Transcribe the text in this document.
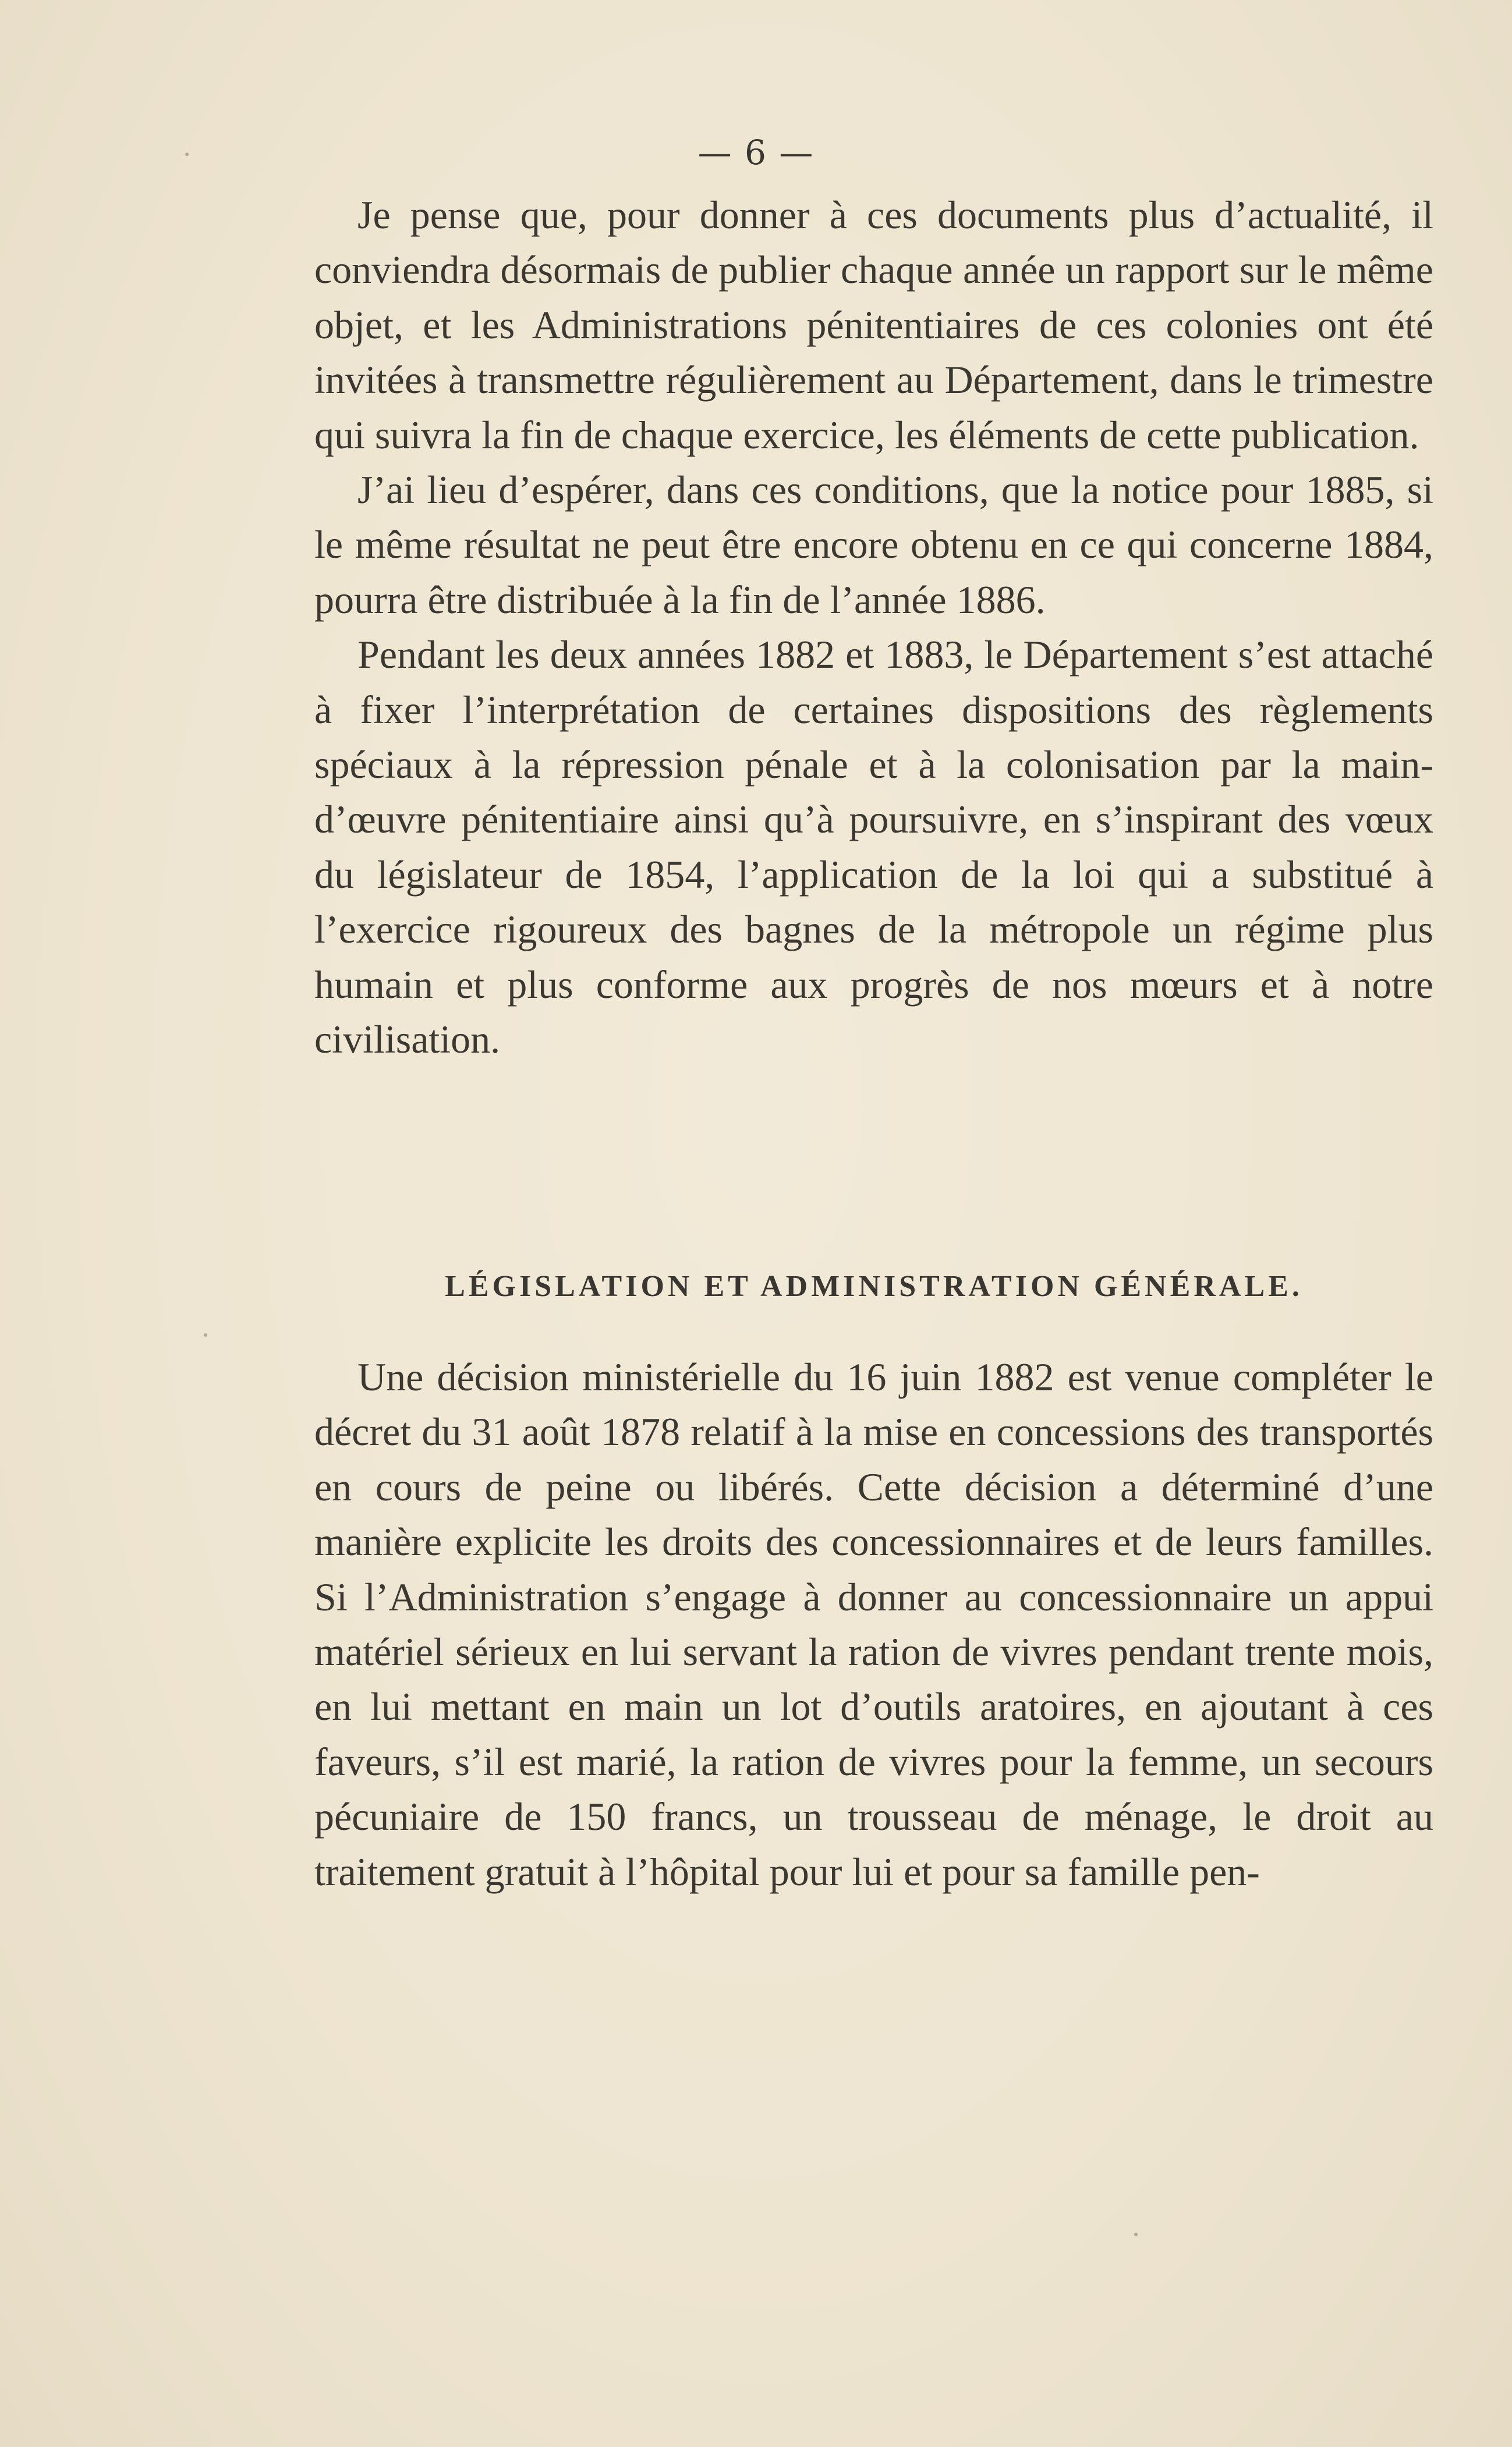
— 6 —

Je pense que, pour donner à ces documents plus d’actualité, il conviendra désormais de publier chaque année un rapport sur le même objet, et les Administrations pénitentiaires de ces colonies ont été invitées à transmettre régulièrement au Département, dans le trimestre qui suivra la fin de chaque exercice, les éléments de cette publication.

J’ai lieu d’espérer, dans ces conditions, que la notice pour 1885, si le même résultat ne peut être encore obtenu en ce qui concerne 1884, pourra être distribuée à la fin de l’année 1886.

Pendant les deux années 1882 et 1883, le Département s’est attaché à fixer l’interprétation de certaines dispositions des règlements spéciaux à la répression pénale et à la colonisation par la main-d’œuvre pénitentiaire ainsi qu’à poursuivre, en s’inspirant des vœux du législateur de 1854, l’application de la loi qui a substitué à l’exercice rigoureux des bagnes de la métropole un régime plus humain et plus conforme aux progrès de nos mœurs et à notre civilisation.

LÉGISLATION ET ADMINISTRATION GÉNÉRALE.

Une décision ministérielle du 16 juin 1882 est venue compléter le décret du 31 août 1878 relatif à la mise en concessions des transportés en cours de peine ou libérés. Cette décision a déterminé d’une manière explicite les droits des concessionnaires et de leurs familles. Si l’Administration s’engage à donner au concessionnaire un appui matériel sérieux en lui servant la ration de vivres pendant trente mois, en lui mettant en main un lot d’outils aratoires, en ajoutant à ces faveurs, s’il est marié, la ration de vivres pour la femme, un secours pécuniaire de 150 francs, un trousseau de ménage, le droit au traitement gratuit à l’hôpital pour lui et pour sa famille pen-
